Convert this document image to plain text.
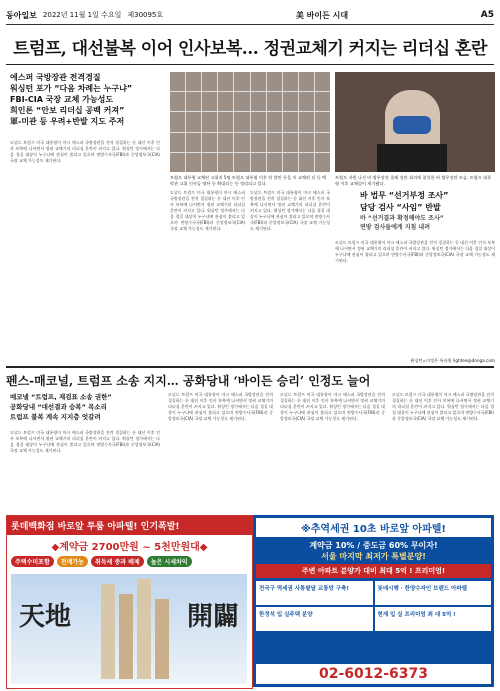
동아일보 2022년 11월 1일 수요일 제30095호	美 바이든 시대	A5
트럼프, 대선불복 이어 인사보복… 정권교체기 커지는 리더십 혼란
에스퍼 국방장관 전격경질
워싱턴 포가 “다음 차례는 누구냐”
FBI-CIA 국장 교체 가능성도
희인론 “안보 리더십 공백 커져”
軍-미관 등 우려+반발 지도 주저
트럼프 대통령 교체된 고위직 5명 트럼프 대통령 이후 닥 불만 등을 이 교체된 뒤 등 백악관 고위 인사들 명단 등 확대되는 등 정리되고 있다.
트럼프 자원 나선 바 법무장관 올해 장관 회의에 참석한 바 법무장관 모습. 트럼프 대통령 이후 교체설이 제기됐다.
도널드 트럼프 미국 대통령이 마크 에스퍼 국방장관을 전격 경질하는 등 대선 이후 인사 보복에 나서면서 정권 교체기의 리더십 혼란이 커지고 있다. 워싱턴 정가에서는 다음 경질 대상이 누구냐에 관심이 쏠리고 있으며 연방수사국(FBI)과 중앙정보국(CIA) 국장 교체 가능성도 제기된다.
도널드 트럼프 미국 대통령이 마크 에스퍼 국방장관을 전격 경질하는 등 대선 이후 인사 보복에 나서면서 정권 교체기의 리더십 혼란이 커지고 있다. 워싱턴 정가에서는 다음 경질 대상이 누구냐에 관심이 쏠리고 있으며 연방수사국(FBI)과 중앙정보국(CIA) 국장 교체 가능성도 제기된다.
도널드 트럼프 미국 대통령이 마크 에스퍼 국방장관을 전격 경질하는 등 대선 이후 인사 보복에 나서면서 정권 교체기의 리더십 혼란이 커지고 있다. 워싱턴 정가에서는 다음 경질 대상이 누구냐에 관심이 쏠리고 있으며 연방수사국(FBI)과 중앙정보국(CIA) 국장 교체 가능성도 제기된다.
바 법무 “선거부정 조사”
담당 검사 “사임” 반발
바 “선거결과 확정해야도 조사”
연방 검사들에게 지침 내려
도널드 트럼프 미국 대통령이 마크 에스퍼 국방장관을 전격 경질하는 등 대선 이후 인사 보복에 나서면서 정권 교체기의 리더십 혼란이 커지고 있다. 워싱턴 정가에서는 다음 경질 대상이 누구냐에 관심이 쏠리고 있으며 연방수사국(FBI)과 중앙정보국(CIA) 국장 교체 가능성도 제기된다.
워싱턴=이정은 특파원 lightee@donga.com
펜스-매코널, 트럼프 소송 지지… 공화당내 ‘바이든 승리’ 인정도 늘어
매코넬 “트럼프, 재검표 소송 권한”
공화당내 “대선결과 승복” 목소리
트럼프 불복 계속 지지층 엇갈려
도널드 트럼프 미국 대통령이 마크 에스퍼 국방장관을 전격 경질하는 등 대선 이후 인사 보복에 나서면서 정권 교체기의 리더십 혼란이 커지고 있다. 워싱턴 정가에서는 다음 경질 대상이 누구냐에 관심이 쏠리고 있으며 연방수사국(FBI)과 중앙정보국(CIA) 국장 교체 가능성도 제기된다.
도널드 트럼프 미국 대통령이 마크 에스퍼 국방장관을 전격 경질하는 등 대선 이후 인사 보복에 나서면서 정권 교체기의 리더십 혼란이 커지고 있다. 워싱턴 정가에서는 다음 경질 대상이 누구냐에 관심이 쏠리고 있으며 연방수사국(FBI)과 중앙정보국(CIA) 국장 교체 가능성도 제기된다.
도널드 트럼프 미국 대통령이 마크 에스퍼 국방장관을 전격 경질하는 등 대선 이후 인사 보복에 나서면서 정권 교체기의 리더십 혼란이 커지고 있다. 워싱턴 정가에서는 다음 경질 대상이 누구냐에 관심이 쏠리고 있으며 연방수사국(FBI)과 중앙정보국(CIA) 국장 교체 가능성도 제기된다.
도널드 트럼프 미국 대통령이 마크 에스퍼 국방장관을 전격 경질하는 등 대선 이후 인사 보복에 나서면서 정권 교체기의 리더십 혼란이 커지고 있다. 워싱턴 정가에서는 다음 경질 대상이 누구냐에 관심이 쏠리고 있으며 연방수사국(FBI)과 중앙정보국(CIA) 국장 교체 가능성도 제기된다.
롯데백화점 바로앞 투룸 아파텔! 인기폭발!
◆계약금 2700만원 ~ 5천만원대◆
주택수미포함	전매가능	취득세 중과 배제	높은 시세차익
天地	開闢
※추역세권 10초 바로앞 아파텔!
계약금 10% / 중도금 60% 무이자!
서울 마지막 최저가 특별분양!
주변 아파트 분양가 대비 최대 5억 ! 프리미엄!
전국구 역세권 사통팔달 교통망 구축!	롯데시행 · 한양수자인 브랜드 아파텔
한정석 입 실주택 분양	현재 입 실 프리미엄 최 대 5억 !
02-6012-6373
